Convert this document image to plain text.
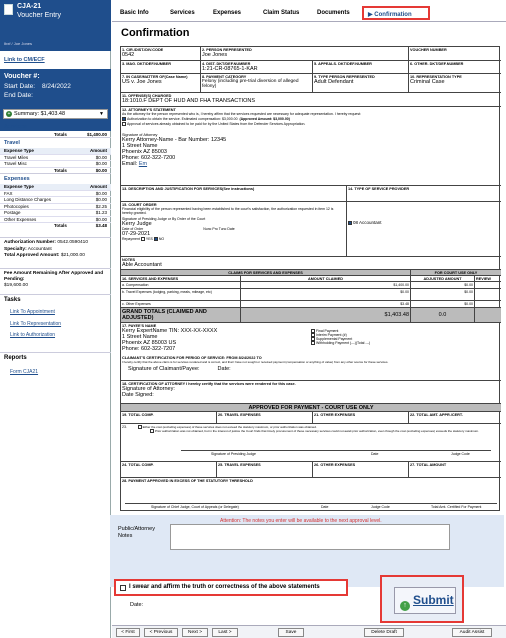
CJA-21
Voucher Entry
Ibxf / Joe Jones
Link to CM/ECF
Voucher #:
Start Date: 8/24/2022
End Date:
+ Summary: $1,403.48	▼
Services
Totals	$1,400.00
Travel
Expense Type	Amount
Travel Miles	$0.00
Travel Misc	$0.00
Totals	$0.00
Expenses
Expense Type	Amount
FAX	$0.00
Long Distance Charges	$0.00
Photocopies	$2.25
Postage	$1.23
Other Expenses	$0.00
Totals	$3.48
Authorization Number: 0542.0590410
Specialty: Accountant
Total Approved Amount: $21,000.00
Fee Amount Remaining After Approved and Pending:
$19,600.00
Tasks
Link To Appointment
Link To Representation
Link to Authorization
Reports
Form CJA21
Basic Info	Services	Expenses	Claim Status	Documents	▶ Confirmation
Confirmation
1. CIR./DIST./DIV.CODE
0542
2. PERSON REPRESENTED
Joe Jones
VOUCHER NUMBER
3. MAG. DKT/DEF.NUMBER	4. DIST. DKT/DEF.NUMBER
1:21-CR-08765-1-KAR
5. APPEALS. DKT/DEF.NUMBER	6. OTHER. DKT/DEF.NUMBER
7. IN CASE/MATTER OF(Case Name)
US v. Joe Jones
8. PAYMENT CATEGORY
Felony (including pre-trial diversion of alleged felony)
9. TYPE PERSON REPRESENTED
Adult Defendant
10. REPRESENTATION TYPE
Criminal Case
11. OFFENSE(S) CHARGED
18:1010.F DEPT OF HUD AND FHA TRANSACTIONS
12. ATTORNEY'S STATEMENT
As the attorney for the person represented who is, I hereby affirm that the services requested are necessary for adequate representation. I hereby request:
Authorization to obtain the service. Estimated compensation: $3,000.00 (Approved Amount: $3,000.00)
Approval of services already obtained to be paid for by the United States from the Defender Services Appropriation.
Signature of Attorney
Kerry Attorney-Name - Bar Number: 12345
1 Street Name
Phoenix AZ 85003
Phone: 602-322-7200
Email: Em
13. DESCRIPTION AND JUSTIFICATION FOR SERVICES(See instructions)	14. TYPE OF SERVICE PROVIDER
15. COURT ORDER
Financial eligibility of the person represented having been established to the court's satisfaction, the authorization requested in item 12 is hereby granted.
Signature of Presiding Judge or By Order of the Court
Kerry Judge
Date of Order	Nunc Pro Tunc Date
07-29-2021
Repayment YES NO
08 Accountant
NOTES
Able Accountant
CLAIMS FOR SERVICES AND EXPENSES	FOR COURT USE ONLY
16. SERVICES AND EXPENSES	AMOUNT CLAIMED	ADJUSTED AMOUNT	REVIEW
a. Compensation	$1,400.00	$0.00
b. Travel Expenses (lodging, parking, meals, mileage, etc)	$0.00	$0.00
c. Other Expenses	$3.48	$0.00
GRAND TOTALS (CLAIMED AND ADJUSTED)	$1,403.48	0.0
17. PAYEE'S NAME
Kerry ExpertName TIN: XXX-XX-XXXX
1 Street Name
Phoenix AZ 85003 US
Phone: 602-322-7207
Final Payment
Interim Payment (#)
Supplemental Payment
Withholding Payment (---)(Total ---)
CLAIMANT'S CERTIFICATION FOR PERIOD OF SERVICE: FROM 8/24/2022 TO
I hereby certify that the above claim is for services rendered and is correct, and that I have not sought or received payment (compensation or anything of value) from any other source for these services.
Signature of Claimant/Payee:	Date:
18. CERTIFICATION OF ATTORNEY I hereby certify that the services were rendered for this case.
Signature of Attorney:
Date Signed:
APPROVED FOR PAYMENT - COURT USE ONLY
19. TOTAL COMP.	20. TRAVEL EXPENSES	21. OTHER EXPENSES	22. TOTAL AMT. APPR./CERT.
23.	Either the cost (excluding expenses) of these services does not exceed the statutory maximum, or prior authorization was obtained.
Prior authorization was not obtained, but in the interest of justice the Court finds that timely procurement of these necessary services could not await prior authorization, even though the cost (excluding expenses) exceeds the statutory maximum.
Signature of Presiding Judge	Date	Judge Code
24. TOTAL COMP.	25. TRAVEL EXPENSES	26. OTHER EXPENSES	27. TOTAL AMOUNT
28. PAYMENT APPROVED IN EXCESS OF THE STATUTORY THRESHOLD
Signature of Chief Judge, Court of Appeals (or Delegate)	Date	Judge Code	Total Amt. Certified For Payment
Attention: The notes you enter will be available to the next approval level.
Public/Attorney Notes
I swear and affirm the truth or correctness of the above statements
Date:	↑ Submit
< First	< Previous	Next >	Last >	Save	Delete Draft	Audit Assist
